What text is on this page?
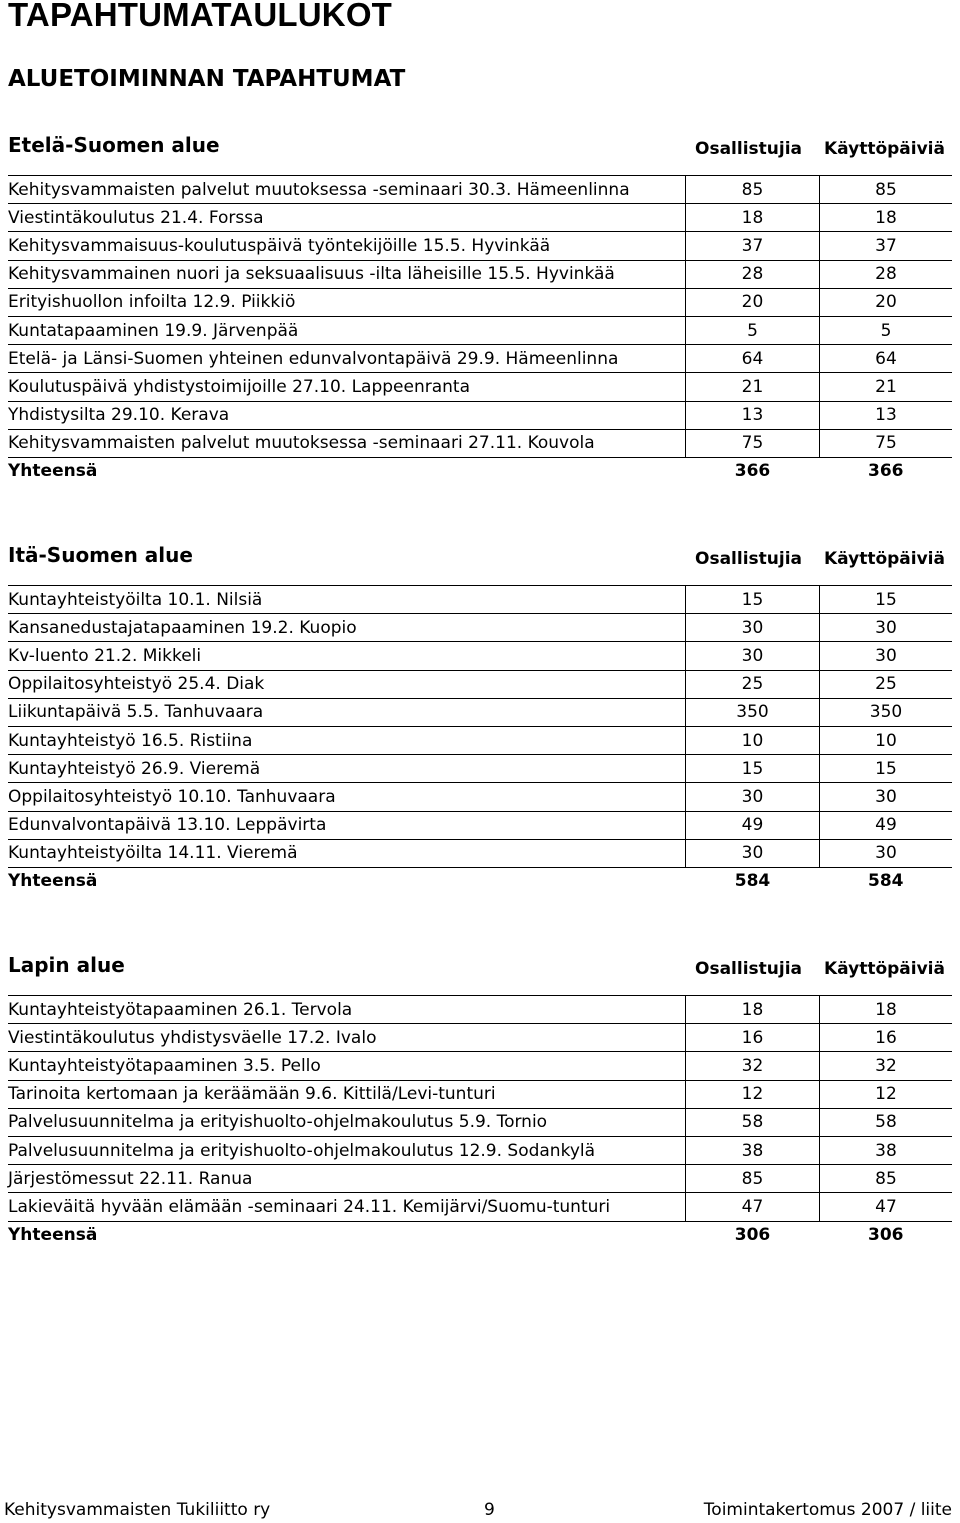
TAPAHTUMATAULUKOT
ALUETOIMINNAN TAPAHTUMAT
Etelä-Suomen alue	Osallistujia Käyttöpäiviä
Kehitysvammaisten palvelut muutoksessa -seminaari 30.3. Hämeenlinna	85	85
Viestintäkoulutus 21.4. Forssa	18	18
Kehitysvammaisuus-koulutuspäivä työntekijöille 15.5. Hyvinkää	37	37
Kehitysvammainen nuori ja seksuaalisuus -ilta läheisille 15.5. Hyvinkää	28	28
Erityishuollon infoilta 12.9. Piikkiö	20	20
Kuntatapaaminen 19.9. Järvenpää	5	5
Etelä- ja Länsi-Suomen yhteinen edunvalvontapäivä 29.9. Hämeenlinna	64	64
Koulutuspäivä yhdistystoimijoille 27.10. Lappeenranta	21	21
Yhdistysilta 29.10. Kerava	13	13
Kehitysvammaisten palvelut muutoksessa -seminaari 27.11. Kouvola	75	75
Yhteensä	366	366
Itä-Suomen alue	Osallistujia Käyttöpäiviä
Kuntayhteistyöilta 10.1. Nilsiä	15	15
Kansanedustajatapaaminen 19.2. Kuopio	30	30
Kv-luento 21.2. Mikkeli	30	30
Oppilaitosyhteistyö 25.4. Diak	25	25
Liikuntapäivä 5.5. Tanhuvaara	350	350
Kuntayhteistyö 16.5. Ristiina	10	10
Kuntayhteistyö 26.9. Vieremä	15	15
Oppilaitosyhteistyö 10.10. Tanhuvaara	30	30
Edunvalvontapäivä 13.10. Leppävirta	49	49
Kuntayhteistyöilta 14.11. Vieremä	30	30
Yhteensä	584	584
Lapin alue	Osallistujia Käyttöpäiviä
Kuntayhteistyötapaaminen 26.1. Tervola	18	18
Viestintäkoulutus yhdistysväelle 17.2. Ivalo	16	16
Kuntayhteistyötapaaminen 3.5. Pello	32	32
Tarinoita kertomaan ja keräämään 9.6. Kittilä/Levi-tunturi	12	12
Palvelusuunnitelma ja erityishuolto-ohjelmakoulutus 5.9. Tornio	58	58
Palvelusuunnitelma ja erityishuolto-ohjelmakoulutus 12.9. Sodankylä	38	38
Järjestömessut 22.11. Ranua	85	85
Lakieväitä hyvään elämään -seminaari 24.11. Kemijärvi/Suomu-tunturi	47	47
Yhteensä	306	306
Kehitysvammaisten Tukiliitto ry	9	Toimintakertomus 2007 / liite
